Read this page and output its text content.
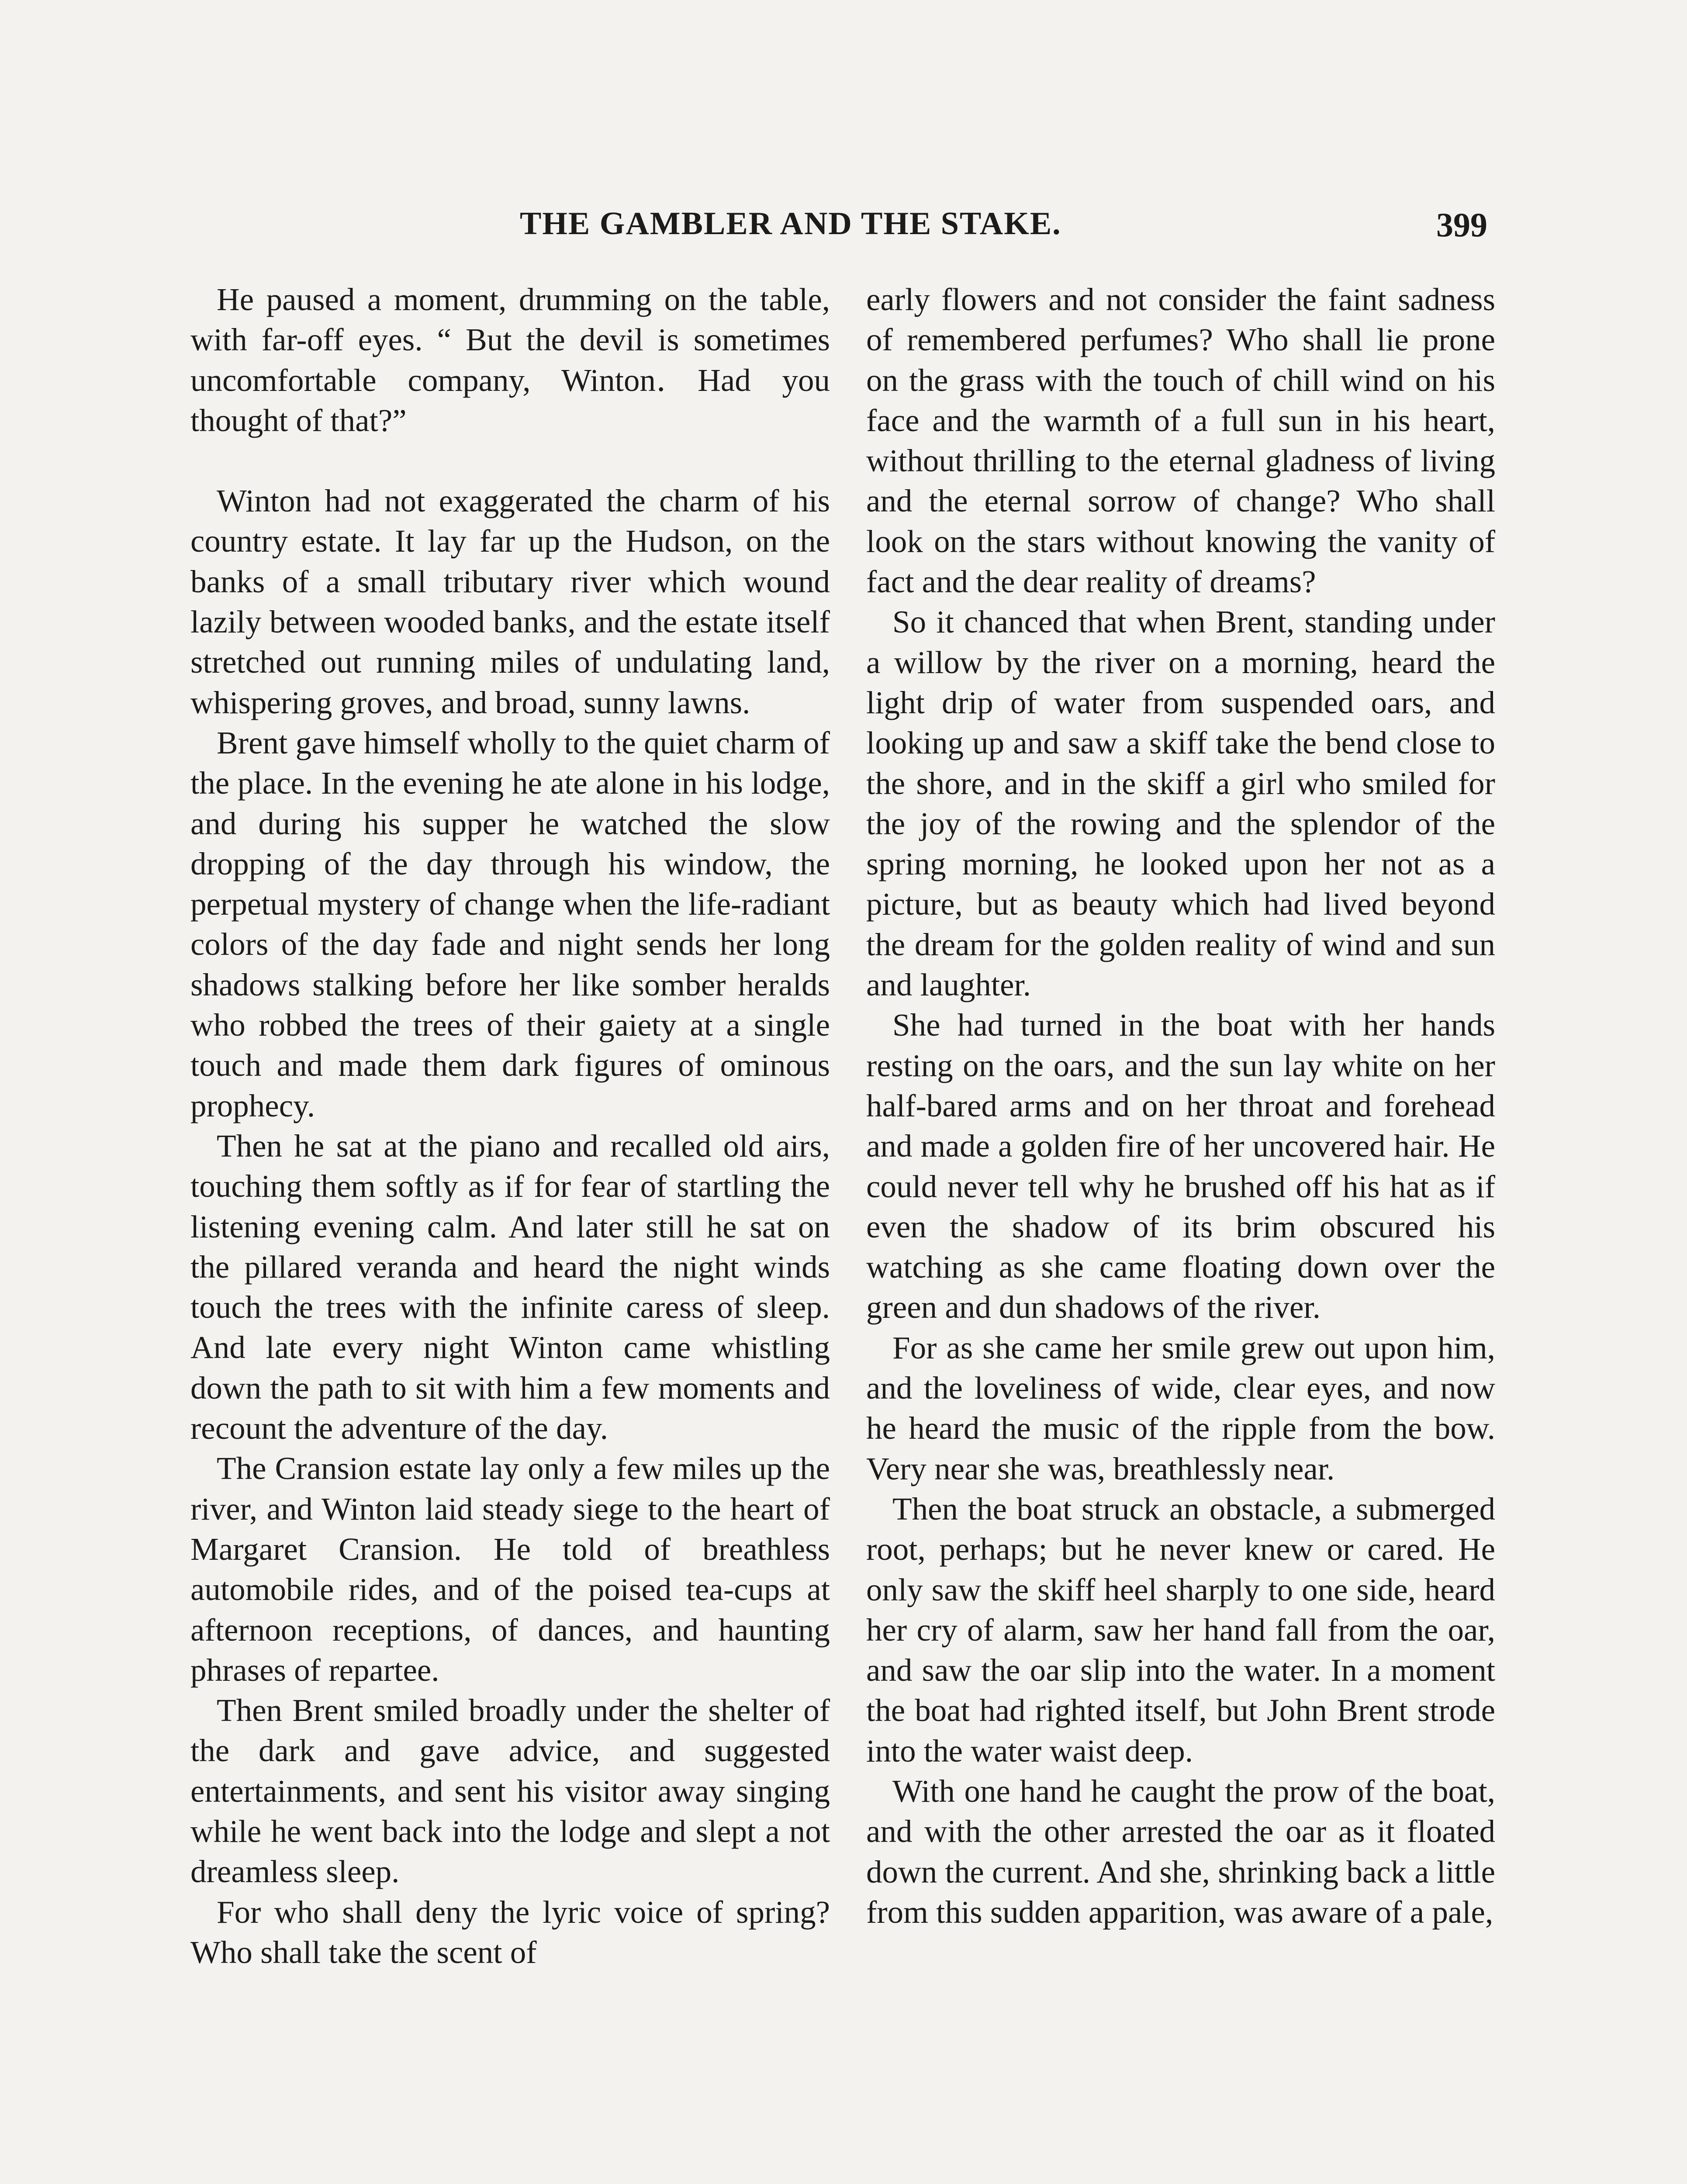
THE GAMBLER AND THE STAKE.	399

He paused a moment, drumming on the table, with far-off eyes. “ But the devil is sometimes uncomfortable company, Winton․ Had you thought of that?”

Winton had not exaggerated the charm of his country estate. It lay far up the Hudson, on the banks of a small tributary river which wound lazily between wooded banks, and the estate itself stretched out running miles of undulating land, whispering groves, and broad, sunny lawns.

Brent gave himself wholly to the quiet charm of the place. In the evening he ate alone in his lodge, and during his supper he watched the slow dropping of the day through his window, the perpetual mystery of change when the life-radiant colors of the day fade and night sends her long shadows stalking before her like somber heralds who robbed the trees of their gaiety at a single touch and made them dark figures of ominous prophecy.

Then he sat at the piano and recalled old airs, touching them softly as if for fear of startling the listening evening calm. And later still he sat on the pillared veranda and heard the night winds touch the trees with the infinite caress of sleep. And late every night Winton came whistling down the path to sit with him a few moments and recount the adventure of the day.

The Cransion estate lay only a few miles up the river, and Winton laid steady siege to the heart of Margaret Cransion. He told of breathless automobile rides, and of the poised tea-cups at afternoon receptions, of dances, and haunting phrases of repartee.

Then Brent smiled broadly under the shelter of the dark and gave advice, and suggested entertainments, and sent his visitor away singing while he went back into the lodge and slept a not dreamless sleep.

For who shall deny the lyric voice of spring? Who shall take the scent of

early flowers and not consider the faint sadness of remembered perfumes? Who shall lie prone on the grass with the touch of chill wind on his face and the warmth of a full sun in his heart, without thrilling to the eternal gladness of living and the eternal sorrow of change? Who shall look on the stars without knowing the vanity of fact and the dear reality of dreams?

So it chanced that when Brent, standing under a willow by the river on a morning, heard the light drip of water from suspended oars, and looking up and saw a skiff take the bend close to the shore, and in the skiff a girl who smiled for the joy of the rowing and the splendor of the spring morning, he looked upon her not as a picture, but as beauty which had lived beyond the dream for the golden reality of wind and sun and laughter.

She had turned in the boat with her hands resting on the oars, and the sun lay white on her half-bared arms and on her throat and forehead and made a golden fire of her uncovered hair. He could never tell why he brushed off his hat as if even the shadow of its brim obscured his watching as she came floating down over the green and dun shadows of the river.

For as she came her smile grew out upon him, and the loveliness of wide, clear eyes, and now he heard the music of the ripple from the bow. Very near she was, breathlessly near.

Then the boat struck an obstacle, a submerged root, perhaps; but he never knew or cared. He only saw the skiff heel sharply to one side, heard her cry of alarm, saw her hand fall from the oar, and saw the oar slip into the water. In a moment the boat had righted itself, but John Brent strode into the water waist deep.

With one hand he caught the prow of the boat, and with the other arrested the oar as it floated down the current. And she, shrinking back a little from this sudden apparition, was aware of a pale,
